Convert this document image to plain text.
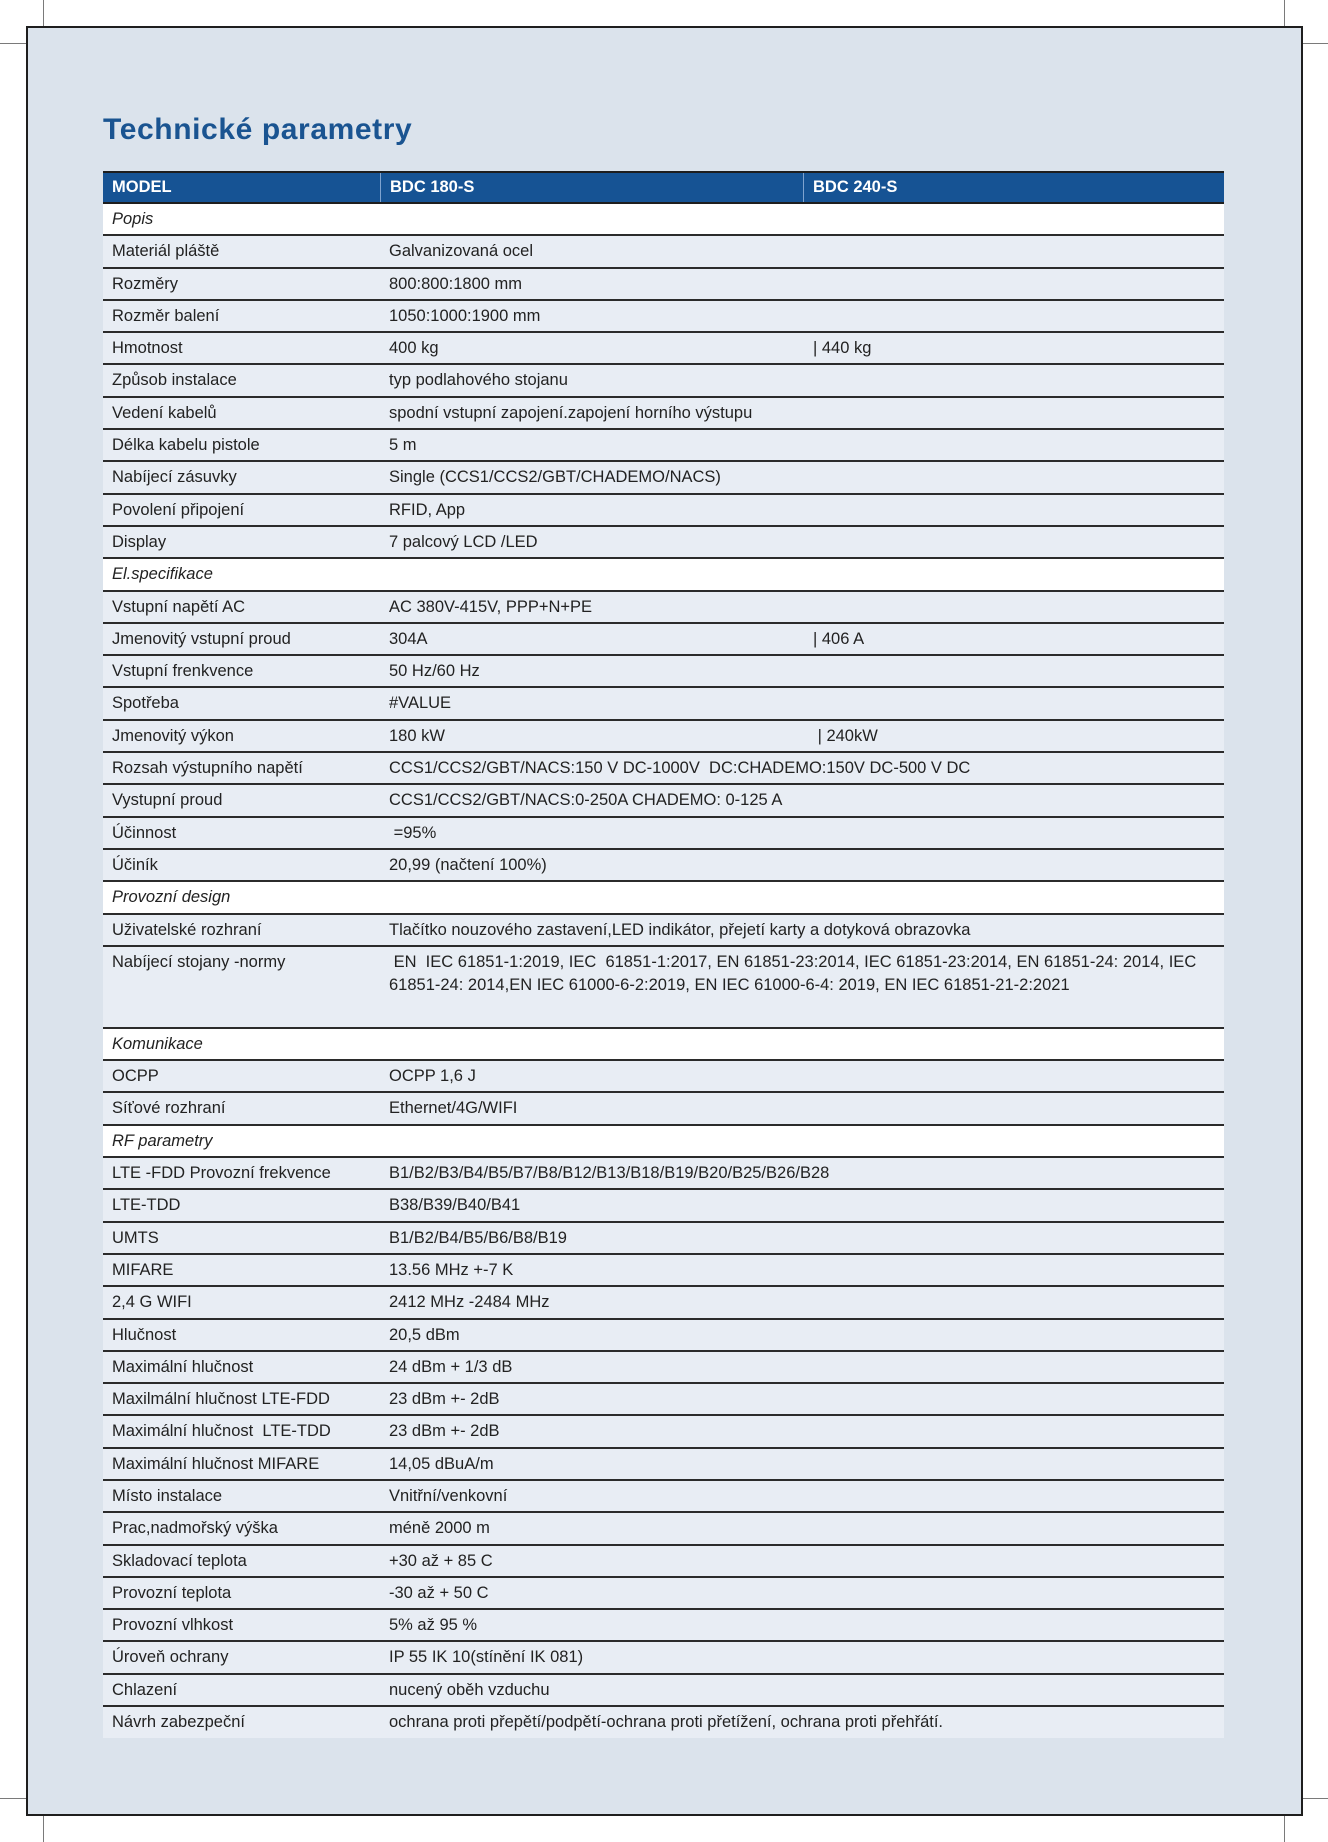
Technické parametry
MODEL	BDC 180-S	BDC 240-S
Popis
Materiál pláště	Galvanizovaná ocel
Rozměry	800:800:1800 mm
Rozměr balení	1050:1000:1900 mm
Hmotnost	400 kg	| 440 kg
Způsob instalace	typ podlahového stojanu
Vedení kabelů	spodní vstupní zapojení.zapojení horního výstupu
Délka kabelu pistole	5 m
Nabíjecí zásuvky	Single (CCS1/CCS2/GBT/CHADEMO/NACS)
Povolení připojení	RFID, App
Display	7 palcový LCD /LED
El.specifikace
Vstupní napětí AC	AC 380V-415V, PPP+N+PE
Jmenovitý vstupní proud	304A	| 406 A
Vstupní frenkvence	50 Hz/60 Hz
Spotřeba	#VALUE
Jmenovitý výkon	180 kW	| 240kW
Rozsah výstupního napětí	CCS1/CCS2/GBT/NACS:150 V DC-1000V  DC:CHADEMO:150V DC-500 V DC
Vystupní proud	CCS1/CCS2/GBT/NACS:0-250A CHADEMO: 0-125 A
Účinnost	=95%
Účiník	20,99 (načtení 100%)
Provozní design
Uživatelské rozhraní	Tlačítko nouzového zastavení,LED indikátor, přejetí karty a dotyková obrazovka
Nabíjecí stojany -normy	EN  IEC 61851-1:2019, IEC  61851-1:2017, EN 61851-23:2014, IEC 61851-23:2014, EN 61851-24: 2014, IEC 61851-24: 2014,EN IEC 61000-6-2:2019, EN IEC 61000-6-4: 2019, EN IEC 61851-21-2:2021
Komunikace
OCPP	OCPP 1,6 J
Síťové rozhraní	Ethernet/4G/WIFI
RF parametry
LTE -FDD Provozní frekvence	B1/B2/B3/B4/B5/B7/B8/B12/B13/B18/B19/B20/B25/B26/B28
LTE-TDD	B38/B39/B40/B41
UMTS	B1/B2/B4/B5/B6/B8/B19
MIFARE	13.56 MHz +-7 K
2,4 G WIFI	2412 MHz -2484 MHz
Hlučnost	20,5 dBm
Maximální hlučnost	24 dBm + 1/3 dB
Maxilmální hlučnost LTE-FDD	23 dBm +- 2dB
Maximální hlučnost  LTE-TDD	23 dBm +- 2dB
Maximální hlučnost MIFARE	14,05 dBuA/m
Místo instalace	Vnitřní/venkovní
Prac,nadmořský výška	méně 2000 m
Skladovací teplota	+30 až + 85 C
Provozní teplota	-30 až + 50 C
Provozní vlhkost	5% až 95 %
Úroveň ochrany	IP 55 IK 10(stínění IK 081)
Chlazení	nucený oběh vzduchu
Návrh zabezpeční	ochrana proti přepětí/podpětí-ochrana proti přetížení, ochrana proti přehřátí.
